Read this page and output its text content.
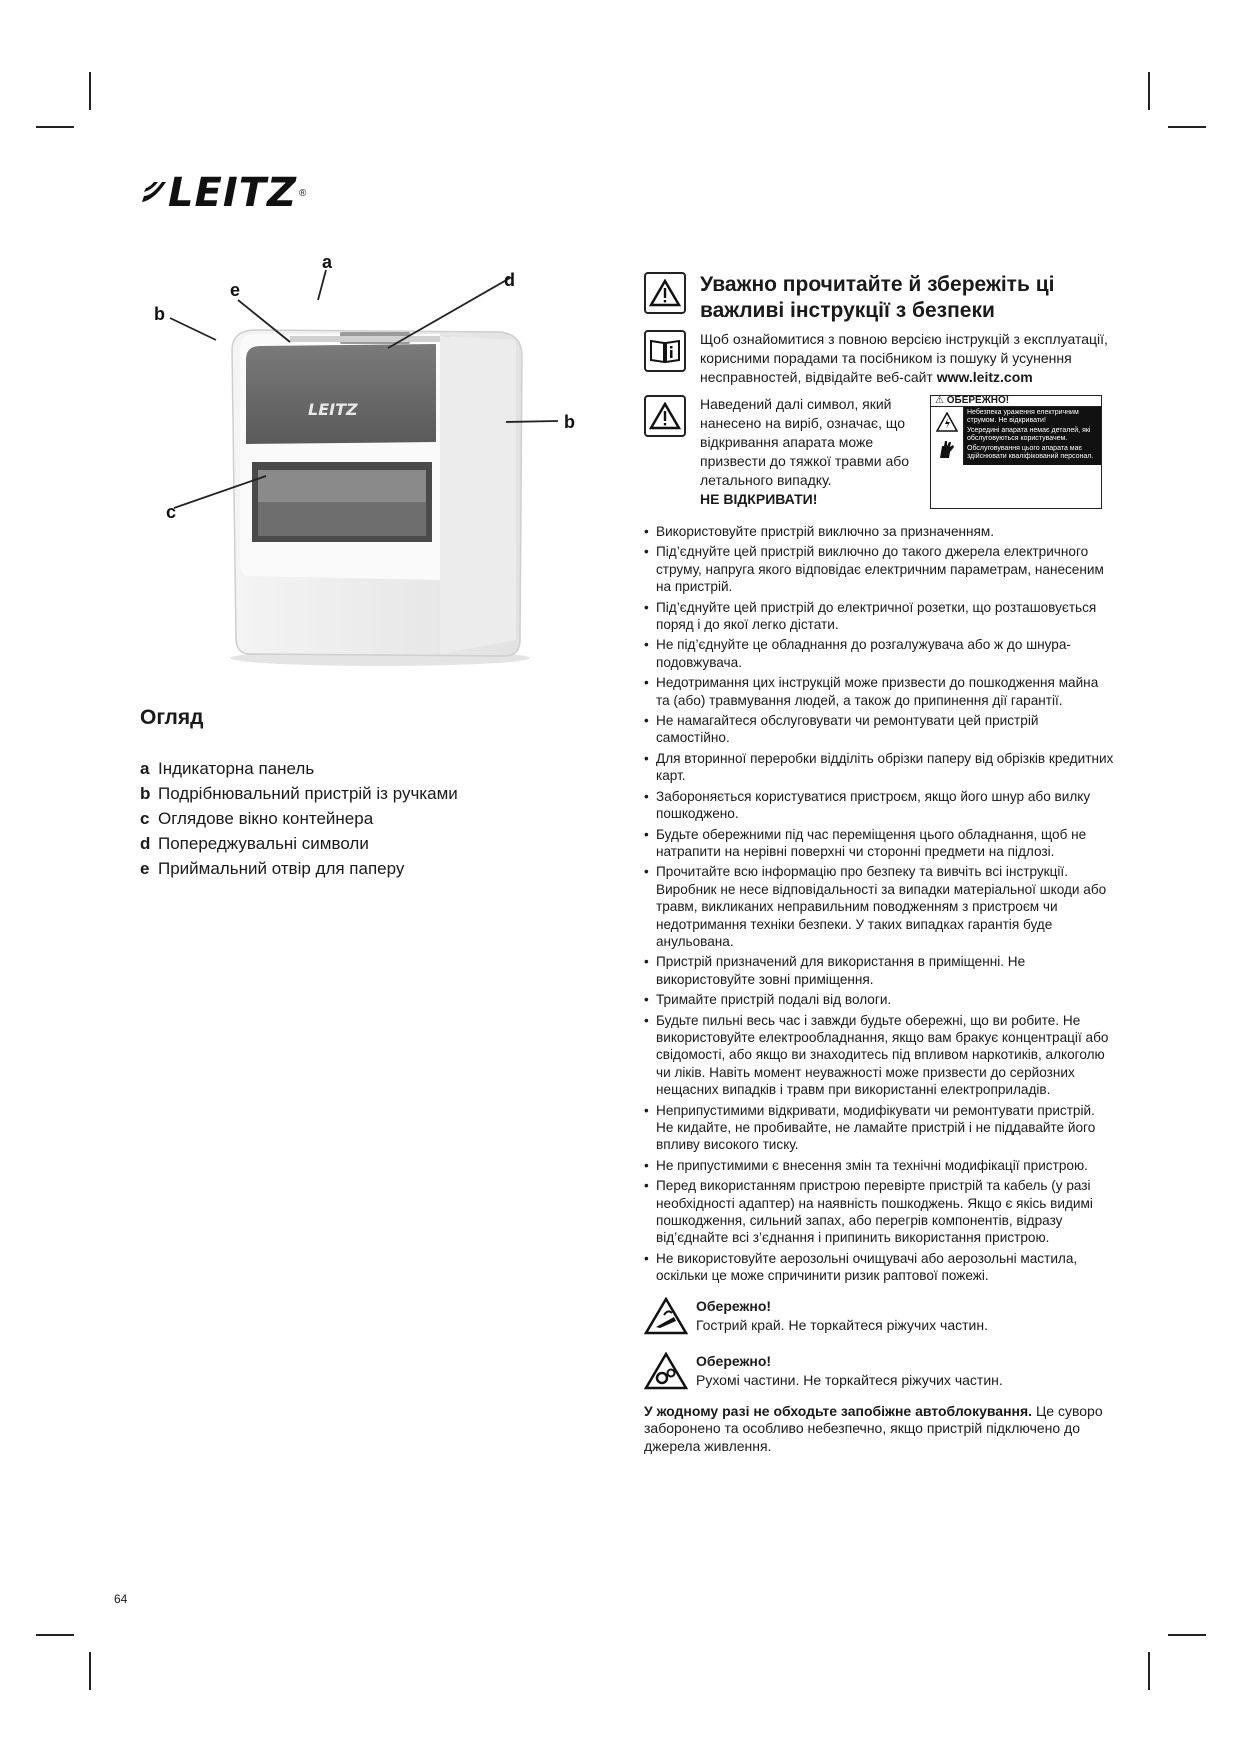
LEITZ ®
LEITZ
a
e	d
b
b
c
Огляд
a Індикаторна панель
b Подрібнювальний пристрій із ручками
c Оглядове вікно контейнера
d Попереджувальні символи
e Приймальний отвір для паперу
Уважно прочитайте й збережіть ці важливі інструкції з безпеки
Щоб ознайомитися з повною версією інструкцій з експлуатації, корисними порадами та посібником із пошуку й усунення несправностей, відвідайте веб-сайт www.leitz.com
Наведений далі символ, який нанесено на виріб, означає, що відкривання апарата може призвести до тяжкої травми або летального випадку.
НЕ ВІДКРИВАТИ!
⚠ ОБЕРЕЖНО!
Небезпека ураження електричним струмом. Не відкривати!
Усередині апарата немає деталей, які обслуговуються користувачем.
Обслуговування цього апарата має здійснювати кваліфікований персонал.
• Використовуйте пристрій виключно за призначенням.
• Під’єднуйте цей пристрій виключно до такого джерела електричного струму, напруга якого відповідає електричним параметрам, нанесеним на пристрій.
• Під’єднуйте цей пристрій до електричної розетки, що розташовується поряд і до якої легко дістати.
• Не під’єднуйте це обладнання до розгалужувача або ж до шнура-подовжувача.
• Недотримання цих інструкцій може призвести до пошкодження майна та (або) травмування людей, а також до припинення дії гарантії.
• Не намагайтеся обслуговувати чи ремонтувати цей пристрій самостійно.
• Для вторинної переробки відділіть обрізки паперу від обрізків кредитних карт.
• Забороняється користуватися пристроєм, якщо його шнур або вилку пошкоджено.
• Будьте обережними під час переміщення цього обладнання, щоб не натрапити на нерівні поверхні чи сторонні предмети на підлозі.
• Прочитайте всю інформацію про безпеку та вивчіть всі інструкції. Виробник не несе відповідальності за випадки матеріальної шкоди або травм, викликаних неправильним поводженням з пристроєм чи недотримання техніки безпеки. У таких випадках гарантія буде анульована.
• Пристрій призначений для використання в приміщенні. Не використовуйте зовні приміщення.
• Тримайте пристрій подалі від вологи.
• Будьте пильні весь час і завжди будьте обережні, що ви робите. Не використовуйте електрообладнання, якщо вам бракує концентрації або свідомості, або якщо ви знаходитесь під впливом наркотиків, алкоголю чи ліків. Навіть момент неуважності може призвести до серйозних нещасних випадків і травм при використанні електроприладів.
• Неприпустимими відкривати, модифікувати чи ремонтувати пристрій. Не кидайте, не пробивайте, не ламайте пристрій і не піддавайте його впливу високого тиску.
• Не припустимими є внесення змін та технічні модифікації пристрою.
• Перед використанням пристрою перевірте пристрій та кабель (у разі необхідності адаптер) на наявність пошкоджень. Якщо є якісь видимі пошкодження, сильний запах, або перегрів компонентів, відразу від’єднайте всі з’єднання і припинить використання пристрою.
• Не використовуйте аерозольні очищувачі або аерозольні мастила, оскільки це може спричинити ризик раптової пожежі.
Обережно!
Гострий край. Не торкайтеся ріжучих частин.
Обережно!
Рухомі частини. Не торкайтеся ріжучих частин.
У жодному разі не обходьте запобіжне автоблокування. Це суворо заборонено та особливо небезпечно, якщо пристрій підключено до джерела живлення.
64
